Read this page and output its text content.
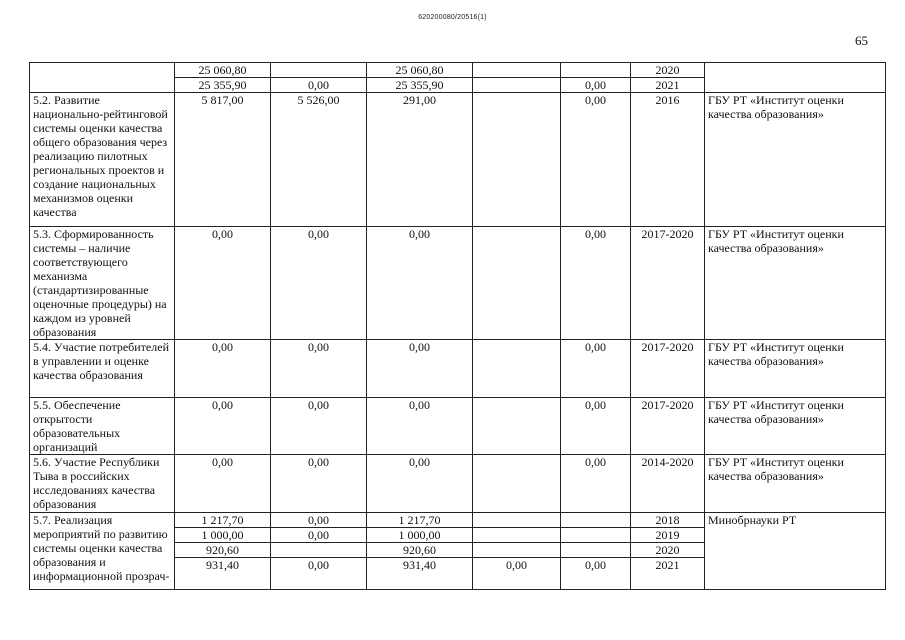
620200080/20516(1)
65
	25 060,80		25 060,80			2020	
	25 355,90	0,00	25 355,90		0,00	2021	
5.2. Развитие национально-рейтинговой системы оценки качества общего образования через реализацию пилотных региональных проектов и создание национальных механизмов оценки качества	5 817,00	5 526,00	291,00		0,00	2016	ГБУ РТ «Институт оценки качества образования»
5.3. Сформированность системы – наличие соответствующего механизма (стандартизированные оценочные процедуры) на каждом из уровней образования	0,00	0,00	0,00		0,00	2017-2020	ГБУ РТ «Институт оценки качества образования»
5.4. Участие потребителей в управлении и оценке качества образования	0,00	0,00	0,00		0,00	2017-2020	ГБУ РТ «Институт оценки качества образования»
5.5. Обеспечение открытости образовательных организаций	0,00	0,00	0,00		0,00	2017-2020	ГБУ РТ «Институт оценки качества образования»
5.6. Участие Республики Тыва в российских исследованиях качества образования	0,00	0,00	0,00		0,00	2014-2020	ГБУ РТ «Институт оценки качества образования»
5.7. Реализация мероприятий по развитию системы оценки качества образования и информационной прозрач-	1 217,70	0,00	1 217,70			2018	Минобрнауки РТ
	1 000,00	0,00	1 000,00			2019	
	920,60		920,60			2020	
	931,40	0,00	931,40	0,00	0,00	2021	
